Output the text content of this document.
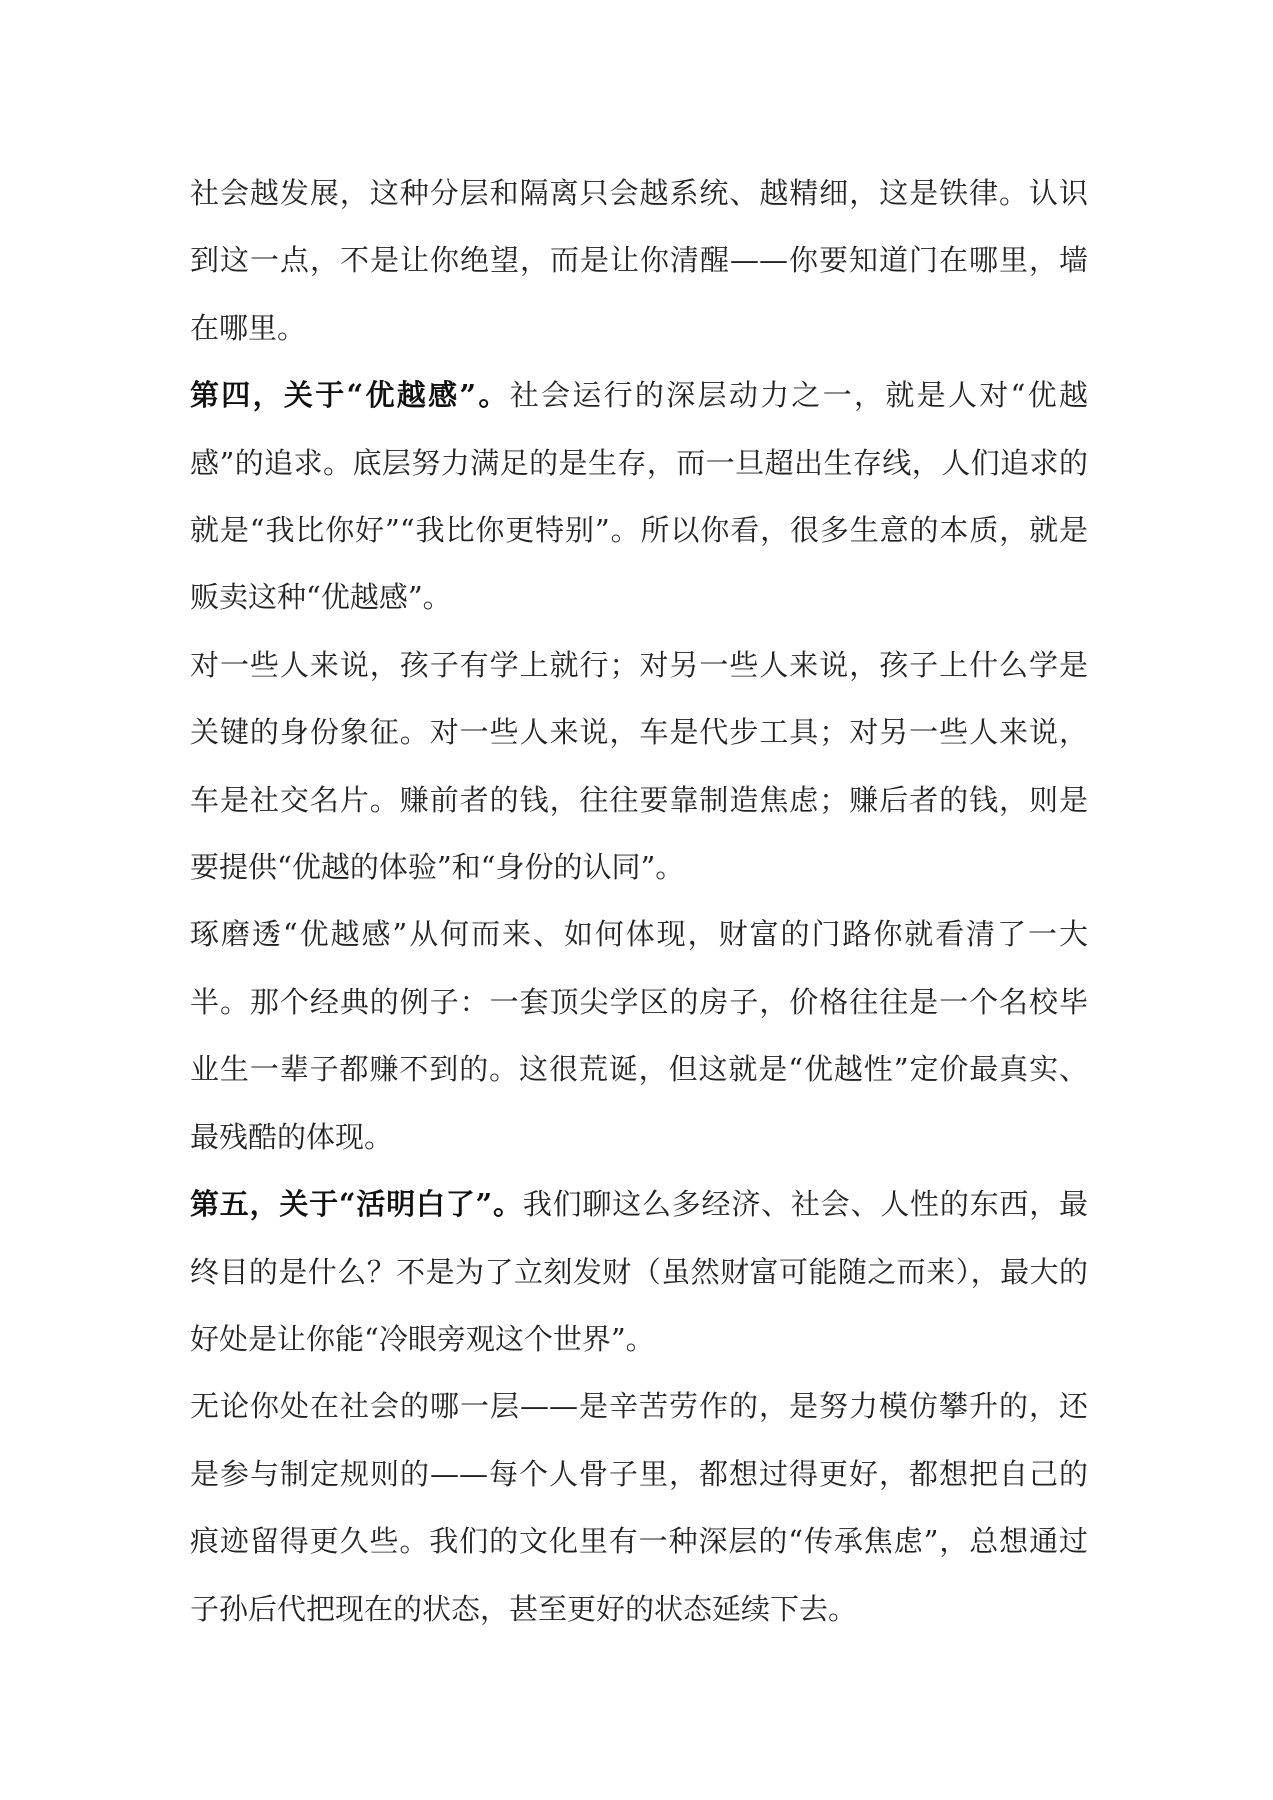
社会越发展，这种分层和隔离只会越系统、越精细，这是铁律。认识到这一点，不是让你绝望，而是让你清醒——你要知道门在哪里，墙在哪里。

第四，关于“优越感”。社会运行的深层动力之一，就是人对“优越感”的追求。底层努力满足的是生存，而一旦超出生存线，人们追求的就是“我比你好”“我比你更特别”。所以你看，很多生意的本质，就是贩卖这种“优越感”。

对一些人来说，孩子有学上就行；对另一些人来说，孩子上什么学是关键的身份象征。对一些人来说，车是代步工具；对另一些人来说，车是社交名片。赚前者的钱，往往要靠制造焦虑；赚后者的钱，则是要提供“优越的体验”和“身份的认同”。

琢磨透“优越感”从何而来、如何体现，财富的门路你就看清了一大半。那个经典的例子：一套顶尖学区的房子，价格往往是一个名校毕业生一辈子都赚不到的。这很荒诞，但这就是“优越性”定价最真实、最残酷的体现。

第五，关于“活明白了”。我们聊这么多经济、社会、人性的东西，最终目的是什么？不是为了立刻发财（虽然财富可能随之而来），最大的好处是让你能“冷眼旁观这个世界”。

无论你处在社会的哪一层——是辛苦劳作的，是努力模仿攀升的，还是参与制定规则的——每个人骨子里，都想过得更好，都想把自己的痕迹留得更久些。我们的文化里有一种深层的“传承焦虑”，总想通过子孙后代把现在的状态，甚至更好的状态延续下去。
